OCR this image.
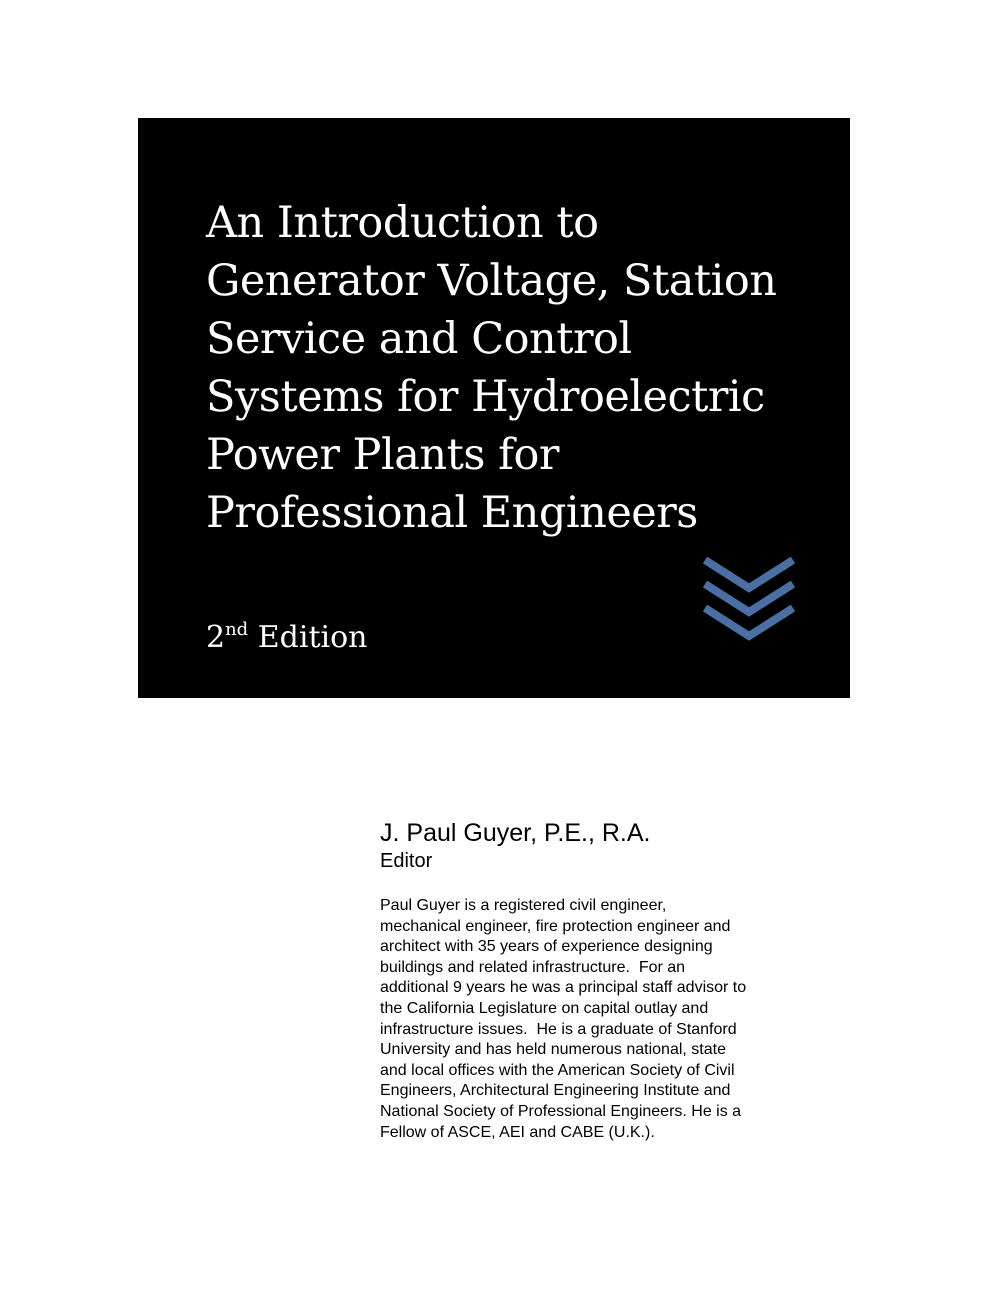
An Introduction to
Generator Voltage, Station
Service and Control
Systems for Hydroelectric
Power Plants for
Professional Engineers
2nd Edition
J. Paul Guyer, P.E., R.A.
Editor
Paul Guyer is a registered civil engineer,
mechanical engineer, fire protection engineer and
architect with 35 years of experience designing
buildings and related infrastructure.  For an
additional 9 years he was a principal staff advisor to
the California Legislature on capital outlay and
infrastructure issues.  He is a graduate of Stanford
University and has held numerous national, state
and local offices with the American Society of Civil
Engineers, Architectural Engineering Institute and
National Society of Professional Engineers. He is a
Fellow of ASCE, AEI and CABE (U.K.).
